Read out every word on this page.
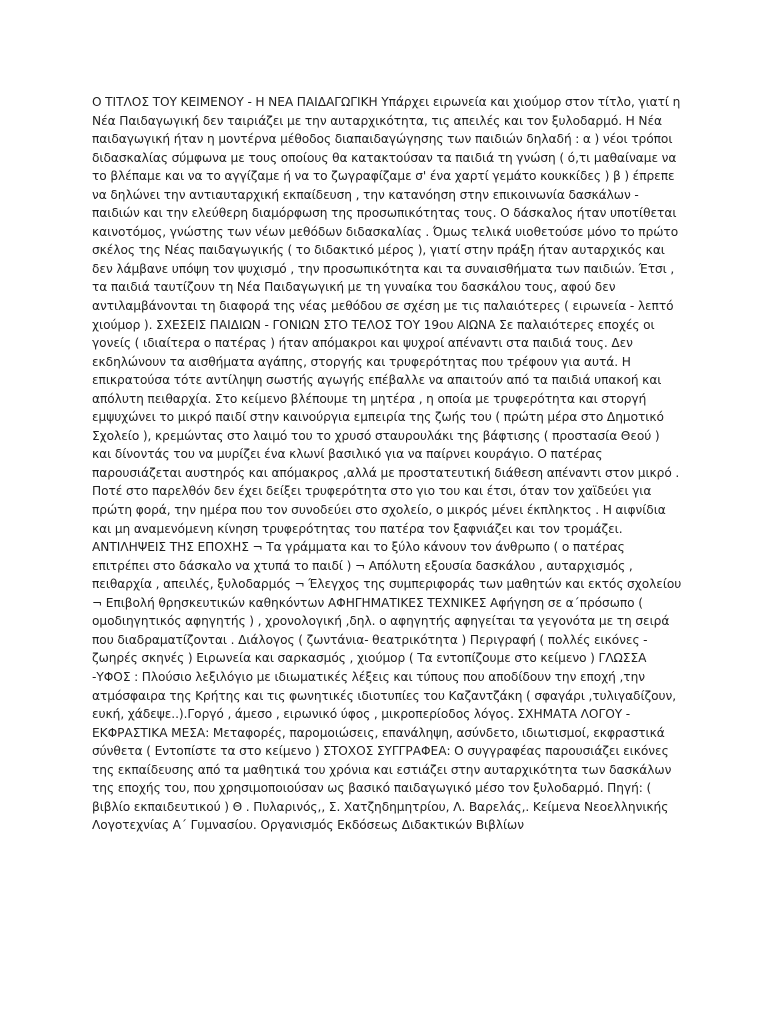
Ο ΤΙΤΛΟΣ ΤΟΥ ΚΕΙΜΕΝΟΥ - Η ΝΕΑ ΠΑΙΔΑΓΩΓΙΚΗ Υπάρχει ειρωνεία και χιούμορ στον τίτλο, γιατί η Νέα Παιδαγωγική δεν ταιριάζει με την αυταρχικότητα, τις απειλές και τον ξυλοδαρμό. Η Νέα παιδαγωγική ήταν η μοντέρνα μέθοδος διαπαιδαγώγησης των παιδιών δηλαδή : α ) νέοι τρόποι διδασκαλίας σύμφωνα με τους οποίους θα κατακτούσαν τα παιδιά τη γνώση ( ό,τι μαθαίναμε να το βλέπαμε και να το αγγίζαμε ή να το ζωγραφίζαμε σ' ένα χαρτί γεμάτο κουκκίδες ) β ) έπρεπε να δηλώνει την αντιαυταρχική εκπαίδευση , την κατανόηση στην επικοινωνία δασκάλων - παιδιών και την ελεύθερη διαμόρφωση της προσωπικότητας τους. Ο δάσκαλος ήταν υποτίθεται καινοτόμος, γνώστης των νέων μεθόδων διδασκαλίας . Όμως τελικά υιοθετούσε μόνο το πρώτο σκέλος της Νέας παιδαγωγικής ( το διδακτικό μέρος ), γιατί στην πράξη ήταν αυταρχικός και δεν λάμβανε υπόψη τον ψυχισμό , την προσωπικότητα και τα συναισθήματα των παιδιών. Έτσι , τα παιδιά ταυτίζουν τη Νέα Παιδαγωγική με τη γυναίκα του δασκάλου τους, αφού δεν αντιλαμβάνονται τη διαφορά της νέας μεθόδου σε σχέση με τις παλαιότερες ( ειρωνεία - λεπτό χιούμορ ). ΣΧΕΣΕΙΣ ΠΑΙΔΙΩΝ - ΓΟΝΙΩΝ ΣΤΟ ΤΕΛΟΣ ΤΟΥ 19ου ΑΙΩΝΑ Σε παλαιότερες εποχές οι γονείς ( ιδιαίτερα ο πατέρας ) ήταν απόμακροι και ψυχροί απέναντι στα παιδιά τους. Δεν εκδηλώνουν τα αισθήματα αγάπης, στοργής και τρυφερότητας που τρέφουν για αυτά. Η επικρατούσα τότε αντίληψη σωστής αγωγής επέβαλλε να απαιτούν από τα παιδιά υπακοή και απόλυτη πειθαρχία. Στο κείμενο βλέπουμε τη μητέρα , η οποία με τρυφερότητα και στοργή εμψυχώνει το μικρό παιδί στην καινούργια εμπειρία της ζωής του ( πρώτη μέρα στο Δημοτικό Σχολείο ), κρεμώντας στο λαιμό του το χρυσό σταυρουλάκι της βάφτισης ( προστασία Θεού ) και δίνοντάς του να μυρίζει ένα κλωνί βασιλικό για να παίρνει κουράγιο. Ο πατέρας παρουσιάζεται αυστηρός και απόμακρος ,αλλά με προστατευτική διάθεση απέναντι στον μικρό . Ποτέ στο παρελθόν δεν έχει δείξει τρυφερότητα στο γιο του και έτσι, όταν τον χαϊδεύει για πρώτη φορά, την ημέρα που τον συνοδεύει στο σχολείο, ο μικρός μένει έκπληκτος . Η αιφνίδια και μη αναμενόμενη κίνηση τρυφερότητας του πατέρα τον ξαφνιάζει και τον τρομάζει. ΑΝΤΙΛΗΨΕΙΣ ΤΗΣ ΕΠΟΧΗΣ ¬ Τα γράμματα και το ξύλο κάνουν τον άνθρωπο ( ο πατέρας επιτρέπει στο δάσκαλο να χτυπά το παιδί ) ¬ Απόλυτη εξουσία δασκάλου , αυταρχισμός , πειθαρχία , απειλές, ξυλοδαρμός ¬ Έλεγχος της συμπεριφοράς των μαθητών και εκτός σχολείου ¬ Επιβολή θρησκευτικών καθηκόντων ΑΦΗΓΗΜΑΤΙΚΕΣ ΤΕΧΝΙΚΕΣ Αφήγηση σε α΄πρόσωπο ( ομοδιηγητικός αφηγητής ) , χρονολογική ,δηλ. ο αφηγητής αφηγείται τα γεγονότα με τη σειρά που διαδραματίζονται . Διάλογος ( ζωντάνια- θεατρικότητα ) Περιγραφή ( πολλές εικόνες - ζωηρές σκηνές ) Ειρωνεία και σαρκασμός , χιούμορ ( Τα εντοπίζουμε στο κείμενο ) ΓΛΩΣΣΑ -ΥΦΟΣ : Πλούσιο λεξιλόγιο με ιδιωματικές λέξεις και τύπους που αποδίδουν την εποχή ,την ατμόσφαιρα της Κρήτης και τις φωνητικές ιδιοτυπίες του Καζαντζάκη ( σφαγάρι ,τυλιγαδίζουν, ευκή, χάδεψε..).Γοργό , άμεσο , ειρωνικό ύφος , μικροπερίοδος λόγος. ΣΧΗΜΑΤΑ ΛΟΓΟΥ - ΕΚΦΡΑΣΤΙΚΑ ΜΕΣΑ: Μεταφορές, παρομοιώσεις, επανάληψη, ασύνδετο, ιδιωτισμοί, εκφραστικά σύνθετα ( Εντοπίστε τα στο κείμενο ) ΣΤΟΧΟΣ ΣΥΓΓΡΑΦΕΑ: Ο συγγραφέας παρουσιάζει εικόνες της εκπαίδευσης από τα μαθητικά του χρόνια και εστιάζει στην αυταρχικότητα των δασκάλων της εποχής του, που χρησιμοποιούσαν ως βασικό παιδαγωγικό μέσο τον ξυλοδαρμό. Πηγή: ( βιβλίο εκπαιδευτικού ) Θ . Πυλαρινός,, Σ. Χατζηδημητρίου, Λ. Βαρελάς,. Κείμενα Νεοελληνικής Λογοτεχνίας Α΄ Γυμνασίου. Οργανισμός Εκδόσεως Διδακτικών Βιβλίων
